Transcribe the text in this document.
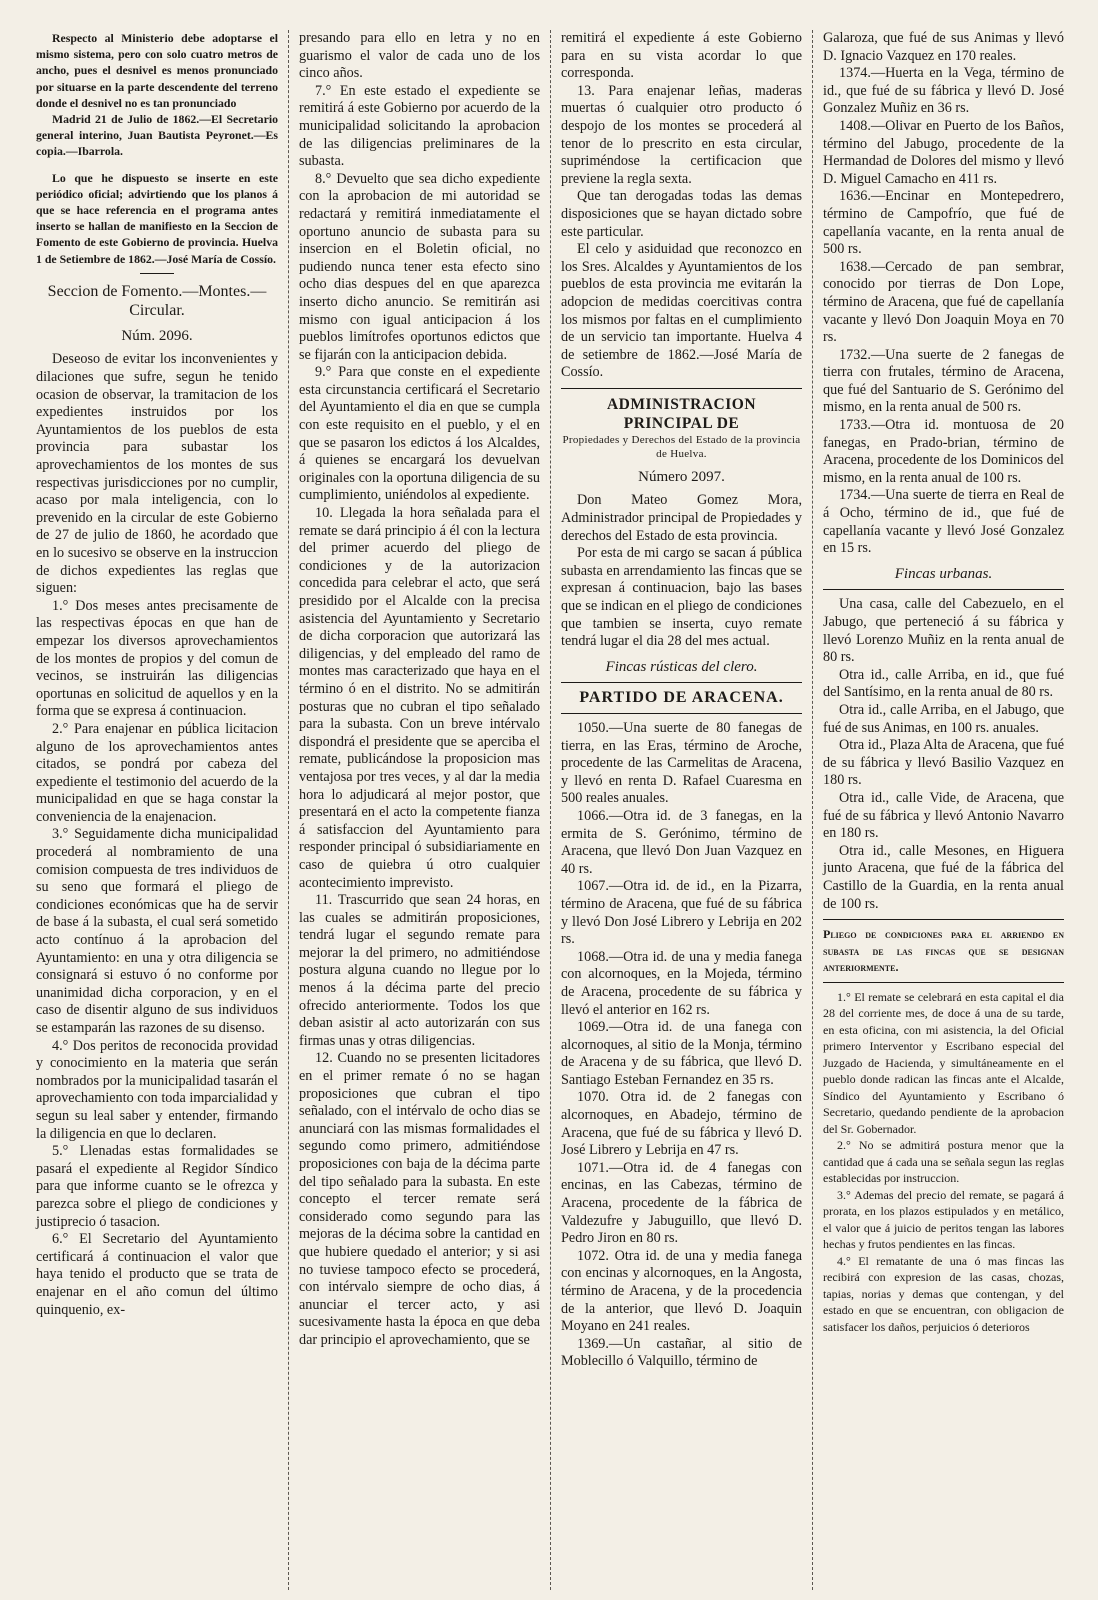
Respecto al Ministerio debe adoptarse el mismo sistema, pero con solo cuatro metros de ancho, pues el desnivel es menos pronunciado por situarse en la parte descendente del terreno donde el desnivel no es tan pronunciado

Madrid 21 de Julio de 1862.—El Secretario general interino, Juan Bautista Peyronet.—Es copia.—Ibarrola.

Lo que he dispuesto se inserte en este periódico oficial; advirtiendo que los planos á que se hace referencia en el programa antes inserto se hallan de manifiesto en la Seccion de Fomento de este Gobierno de provincia. Huelva 1 de Setiembre de 1862.—José María de Cossío.

Seccion de Fomento.—Montes.—Circular.
Núm. 2096.

Deseoso de evitar los inconvenientes y dilaciones que sufre, segun he tenido ocasion de observar, la tramitacion de los expedientes instruidos por los Ayuntamientos de los pueblos de esta provincia para subastar los aprovechamientos de los montes de sus respectivas jurisdicciones por no cumplir, acaso por mala inteligencia, con lo prevenido en la circular de este Gobierno de 27 de julio de 1860, he acordado que en lo sucesivo se observe en la instruccion de dichos expedientes las reglas que siguen:

1.° Dos meses antes precisamente de las respectivas épocas en que han de empezar los diversos aprovechamientos de los montes de propios y del comun de vecinos, se instruirán las diligencias oportunas en solicitud de aquellos y en la forma que se expresa á continuacion.

2.° Para enajenar en pública licitacion alguno de los aprovechamientos antes citados, se pondrá por cabeza del expediente el testimonio del acuerdo de la municipalidad en que se haga constar la conveniencia de la enajenacion.

3.° Seguidamente dicha municipalidad procederá al nombramiento de una comision compuesta de tres individuos de su seno que formará el pliego de condiciones económicas que ha de servir de base á la subasta, el cual será sometido acto contínuo á la aprobacion del Ayuntamiento: en una y otra diligencia se consignará si estuvo ó no conforme por unanimidad dicha corporacion, y en el caso de disentir alguno de sus individuos se estamparán las razones de su disenso.

4.° Dos peritos de reconocida providad y conocimiento en la materia que serán nombrados por la municipalidad tasarán el aprovechamiento con toda imparcialidad y segun su leal saber y entender, firmando la diligencia en que lo declaren.

5.° Llenadas estas formalidades se pasará el expediente al Regidor Síndico para que informe cuanto se le ofrezca y parezca sobre el pliego de condiciones y justiprecio ó tasacion.

6.° El Secretario del Ayuntamiento certificará á continuacion el valor que haya tenido el producto que se trata de enajenar en el año comun del último quinquenio, ex-

presando para ello en letra y no en guarismo el valor de cada uno de los cinco años.

7.° En este estado el expediente se remitirá á este Gobierno por acuerdo de la municipalidad solicitando la aprobacion de las diligencias preliminares de la subasta.

8.° Devuelto que sea dicho expediente con la aprobacion de mi autoridad se redactará y remitirá inmediatamente el oportuno anuncio de subasta para su insercion en el Boletin oficial, no pudiendo nunca tener esta efecto sino ocho dias despues del en que aparezca inserto dicho anuncio. Se remitirán asi mismo con igual anticipacion á los pueblos limítrofes oportunos edictos que se fijarán con la anticipacion debida.

9.° Para que conste en el expediente esta circunstancia certificará el Secretario del Ayuntamiento el dia en que se cumpla con este requisito en el pueblo, y el en que se pasaron los edictos á los Alcaldes, á quienes se encargará los devuelvan originales con la oportuna diligencia de su cumplimiento, uniéndolos al expediente.

10. Llegada la hora señalada para el remate se dará principio á él con la lectura del primer acuerdo del pliego de condiciones y de la autorizacion concedida para celebrar el acto, que será presidido por el Alcalde con la precisa asistencia del Ayuntamiento y Secretario de dicha corporacion que autorizará las diligencias, y del empleado del ramo de montes mas caracterizado que haya en el término ó en el distrito. No se admitirán posturas que no cubran el tipo señalado para la subasta. Con un breve intérvalo dispondrá el presidente que se aperciba el remate, publicándose la proposicion mas ventajosa por tres veces, y al dar la media hora lo adjudicará al mejor postor, que presentará en el acto la competente fianza á satisfaccion del Ayuntamiento para responder principal ó subsidiariamente en caso de quiebra ú otro cualquier acontecimiento imprevisto.

11. Trascurrido que sean 24 horas, en las cuales se admitirán proposiciones, tendrá lugar el segundo remate para mejorar la del primero, no admitiéndose postura alguna cuando no llegue por lo menos á la décima parte del precio ofrecido anteriormente. Todos los que deban asistir al acto autorizarán con sus firmas unas y otras diligencias.

12. Cuando no se presenten licitadores en el primer remate ó no se hagan proposiciones que cubran el tipo señalado, con el intérvalo de ocho dias se anunciará con las mismas formalidades el segundo como primero, admitiéndose proposiciones con baja de la décima parte del tipo señalado para la subasta. En este concepto el tercer remate será considerado como segundo para las mejoras de la décima sobre la cantidad en que hubiere quedado el anterior; y si asi no tuviese tampoco efecto se procederá, con intérvalo siempre de ocho dias, á anunciar el tercer acto, y asi sucesivamente hasta la época en que deba dar principio el aprovechamiento, que se

remitirá el expediente á este Gobierno para en su vista acordar lo que corresponda.

13. Para enajenar leñas, maderas muertas ó cualquier otro producto ó despojo de los montes se procederá al tenor de lo prescrito en esta circular, supriméndose la certificacion que previene la regla sexta.

Que tan derogadas todas las demas disposiciones que se hayan dictado sobre este particular.

El celo y asiduidad que reconozco en los Sres. Alcaldes y Ayuntamientos de los pueblos de esta provincia me evitarán la adopcion de medidas coercitivas contra los mismos por faltas en el cumplimiento de un servicio tan importante. Huelva 4 de setiembre de 1862.—José María de Cossío.

ADMINISTRACION PRINCIPAL DE
Propiedades y Derechos del Estado de la provincia de Huelva.
Número 2097.

Don Mateo Gomez Mora, Administrador principal de Propiedades y derechos del Estado de esta provincia.

Por esta de mi cargo se sacan á pública subasta en arrendamiento las fincas que se expresan á continuacion, bajo las bases que se indican en el pliego de condiciones que tambien se inserta, cuyo remate tendrá lugar el dia 28 del mes actual.

Fincas rústicas del clero.
PARTIDO DE ARACENA.

1050.—Una suerte de 80 fanegas de tierra, en las Eras, término de Aroche, procedente de las Carmelitas de Aracena, y llevó en renta D. Rafael Cuaresma en 500 reales anuales.

1066.—Otra id. de 3 fanegas, en la ermita de S. Gerónimo, término de Aracena, que llevó Don Juan Vazquez en 40 rs.

1067.—Otra id. de id., en la Pizarra, término de Aracena, que fué de su fábrica y llevó Don José Librero y Lebrija en 202 rs.

1068.—Otra id. de una y media fanega con alcornoques, en la Mojeda, término de Aracena, procedente de su fábrica y llevó el anterior en 162 rs.

1069.—Otra id. de una fanega con alcornoques, al sitio de la Monja, término de Aracena y de su fábrica, que llevó D. Santiago Esteban Fernandez en 35 rs.

1070. Otra id. de 2 fanegas con alcornoques, en Abadejo, término de Aracena, que fué de su fábrica y llevó D. José Librero y Lebrija en 47 rs.

1071.—Otra id. de 4 fanegas con encinas, en las Cabezas, término de Aracena, procedente de la fábrica de Valdezufre y Jabuguillo, que llevó D. Pedro Jiron en 80 rs.

1072. Otra id. de una y media fanega con encinas y alcornoques, en la Angosta, término de Aracena, y de la procedencia de la anterior, que llevó D. Joaquin Moyano en 241 reales.

1369.—Un castañar, al sitio de Moblecillo ó Valquillo, término de

Galaroza, que fué de sus Animas y llevó D. Ignacio Vazquez en 170 reales.

1374.—Huerta en la Vega, término de id., que fué de su fábrica y llevó D. José Gonzalez Muñiz en 36 rs.

1408.—Olivar en Puerto de los Baños, término del Jabugo, procedente de la Hermandad de Dolores del mismo y llevó D. Miguel Camacho en 411 rs.

1636.—Encinar en Montepedrero, término de Campofrío, que fué de capellanía vacante, en la renta anual de 500 rs.

1638.—Cercado de pan sembrar, conocido por tierras de Don Lope, término de Aracena, que fué de capellanía vacante y llevó Don Joaquin Moya en 70 rs.

1732.—Una suerte de 2 fanegas de tierra con frutales, término de Aracena, que fué del Santuario de S. Gerónimo del mismo, en la renta anual de 500 rs.

1733.—Otra id. montuosa de 20 fanegas, en Prado-brian, término de Aracena, procedente de los Dominicos del mismo, en la renta anual de 100 rs.

1734.—Una suerte de tierra en Real de á Ocho, término de id., que fué de capellanía vacante y llevó José Gonzalez en 15 rs.

Fincas urbanas.

Una casa, calle del Cabezuelo, en el Jabugo, que perteneció á su fábrica y llevó Lorenzo Muñiz en la renta anual de 80 rs.

Otra id., calle Arriba, en id., que fué del Santísimo, en la renta anual de 80 rs.

Otra id., calle Arriba, en el Jabugo, que fué de sus Animas, en 100 rs. anuales.

Otra id., Plaza Alta de Aracena, que fué de su fábrica y llevó Basilio Vazquez en 180 rs.

Otra id., calle Vide, de Aracena, que fué de su fábrica y llevó Antonio Navarro en 180 rs.

Otra id., calle Mesones, en Higuera junto Aracena, que fué de la fábrica del Castillo de la Guardia, en la renta anual de 100 rs.

Pliego de condiciones para el arriendo en subasta de las fincas que se designan anteriormente.

1.° El remate se celebrará en esta capital el dia 28 del corriente mes, de doce á una de su tarde, en esta oficina, con mi asistencia, la del Oficial primero Interventor y Escribano especial del Juzgado de Hacienda, y simultáneamente en el pueblo donde radican las fincas ante el Alcalde, Síndico del Ayuntamiento y Escribano ó Secretario, quedando pendiente de la aprobacion del Sr. Gobernador.

2.° No se admitirá postura menor que la cantidad que á cada una se señala segun las reglas establecidas por instruccion.

3.° Ademas del precio del remate, se pagará á prorata, en los plazos estipulados y en metálico, el valor que á juicio de peritos tengan las labores hechas y frutos pendientes en las fincas.

4.° El rematante de una ó mas fincas las recibirá con expresion de las casas, chozas, tapias, norias y demas que contengan, y del estado en que se encuentran, con obligacion de satisfacer los daños, perjuicios ó deterioros
